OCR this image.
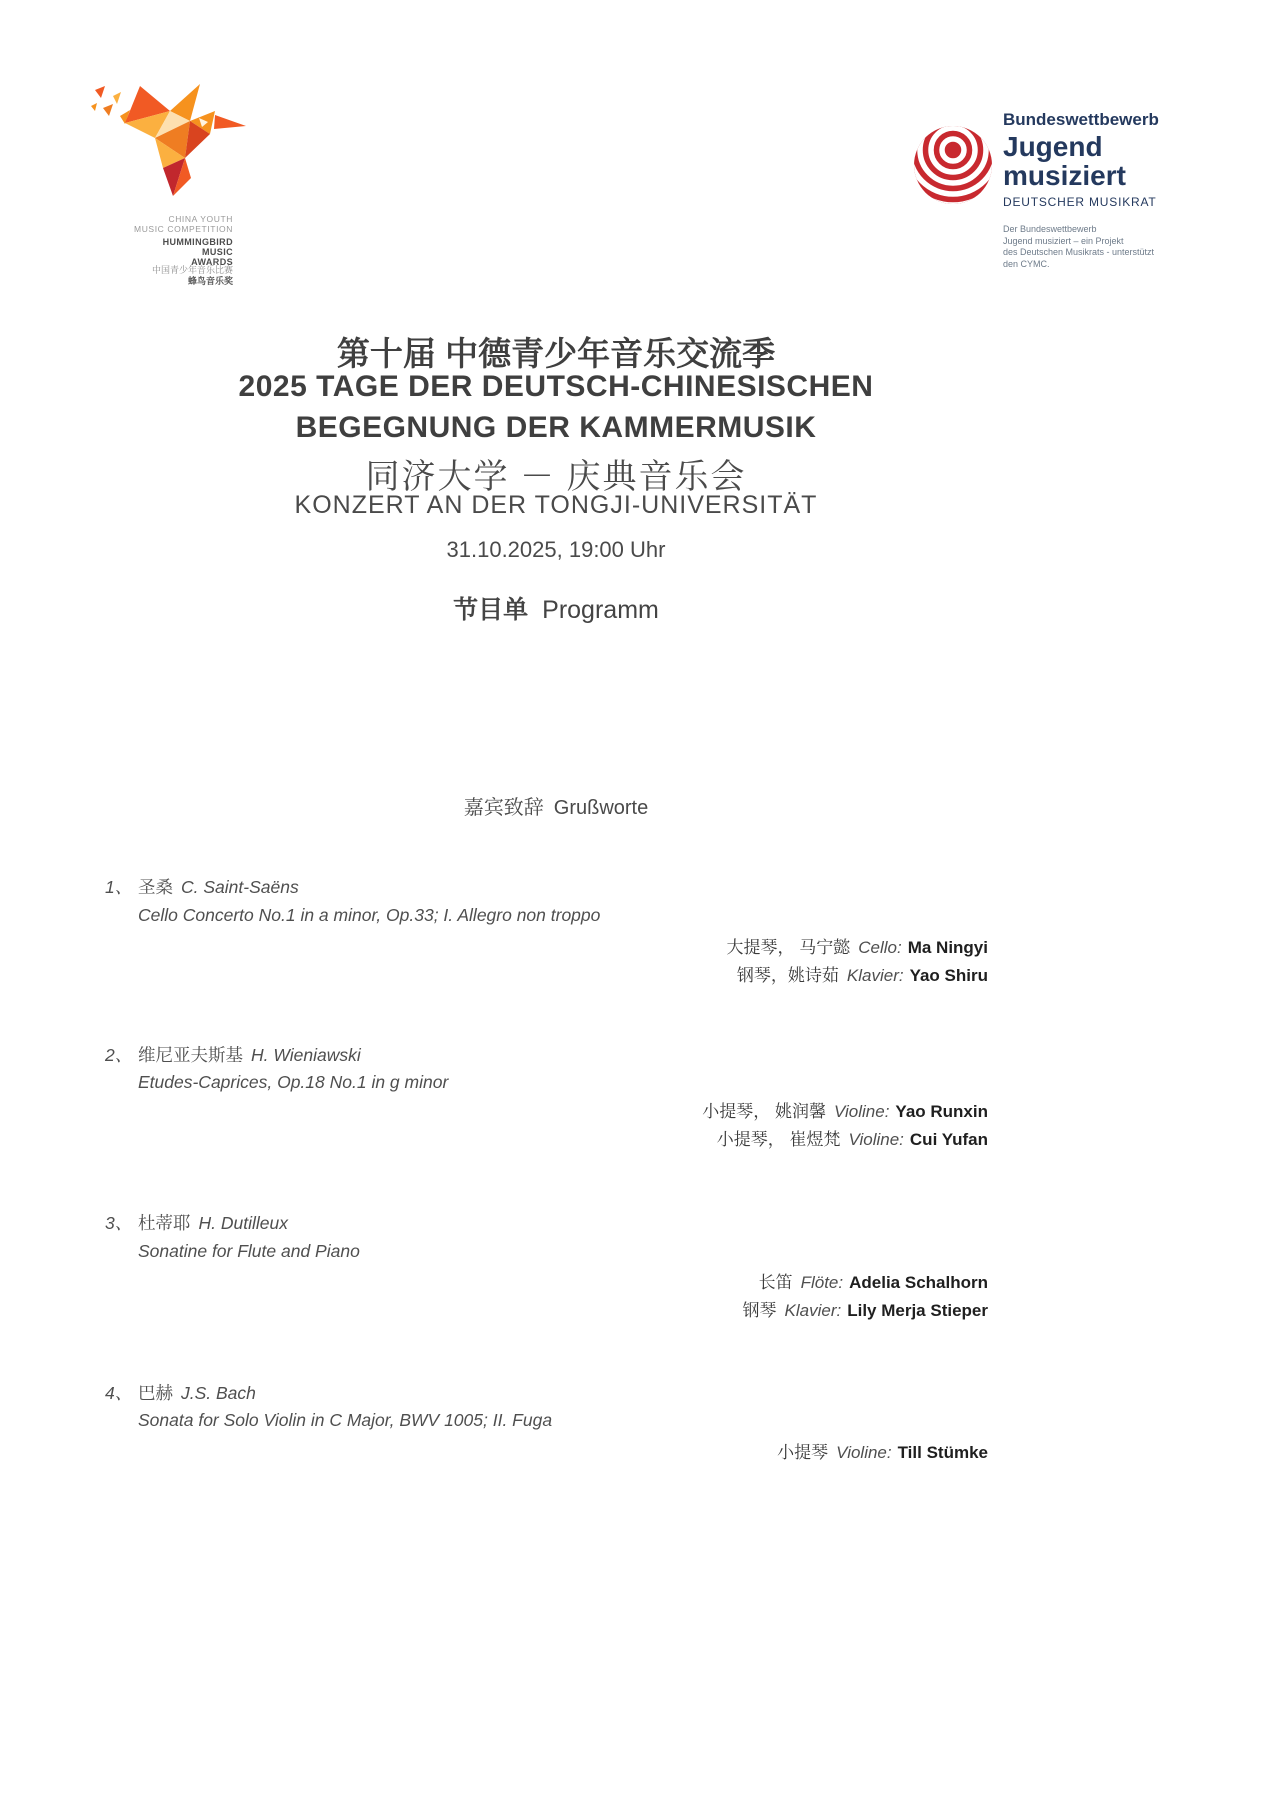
CHINA YOUTH
MUSIC COMPETITION
HUMMINGBIRD
MUSIC
AWARDS
中国青少年音乐比赛
蜂鸟音乐奖
Bundeswettbewerb
Jugend
musiziert
DEUTSCHER MUSIKRAT
Der Bundeswettbewerb
Jugend musiziert – ein Projekt
des Deutschen Musikrats - unterstützt
den CYMC.
第十届 中德青少年音乐交流季
2025 TAGE DER DEUTSCH-CHINESISCHEN
BEGEGNUNG DER KAMMERMUSIK
同济大学 － 庆典音乐会
KONZERT AN DER TONGJI-UNIVERSITÄT
31.10.2025, 19:00 Uhr
节目单 Programm
嘉宾致辞 Grußworte
1、 圣桑 C. Saint-Saëns
Cello Concerto No.1 in a minor, Op.33; I. Allegro non troppo
大提琴， 马宁懿 Cello: Ma Ningyi
钢琴，姚诗茹 Klavier: Yao Shiru
2、 维尼亚夫斯基 H. Wieniawski
Etudes-Caprices, Op.18 No.1 in g minor
小提琴， 姚润馨 Violine: Yao Runxin
小提琴， 崔煜梵 Violine: Cui Yufan
3、 杜蒂耶 H. Dutilleux
Sonatine for Flute and Piano
长笛 Flöte: Adelia Schalhorn
钢琴 Klavier: Lily Merja Stieper
4、 巴赫 J.S. Bach
Sonata for Solo Violin in C Major, BWV 1005; II. Fuga
小提琴 Violine: Till Stümke
